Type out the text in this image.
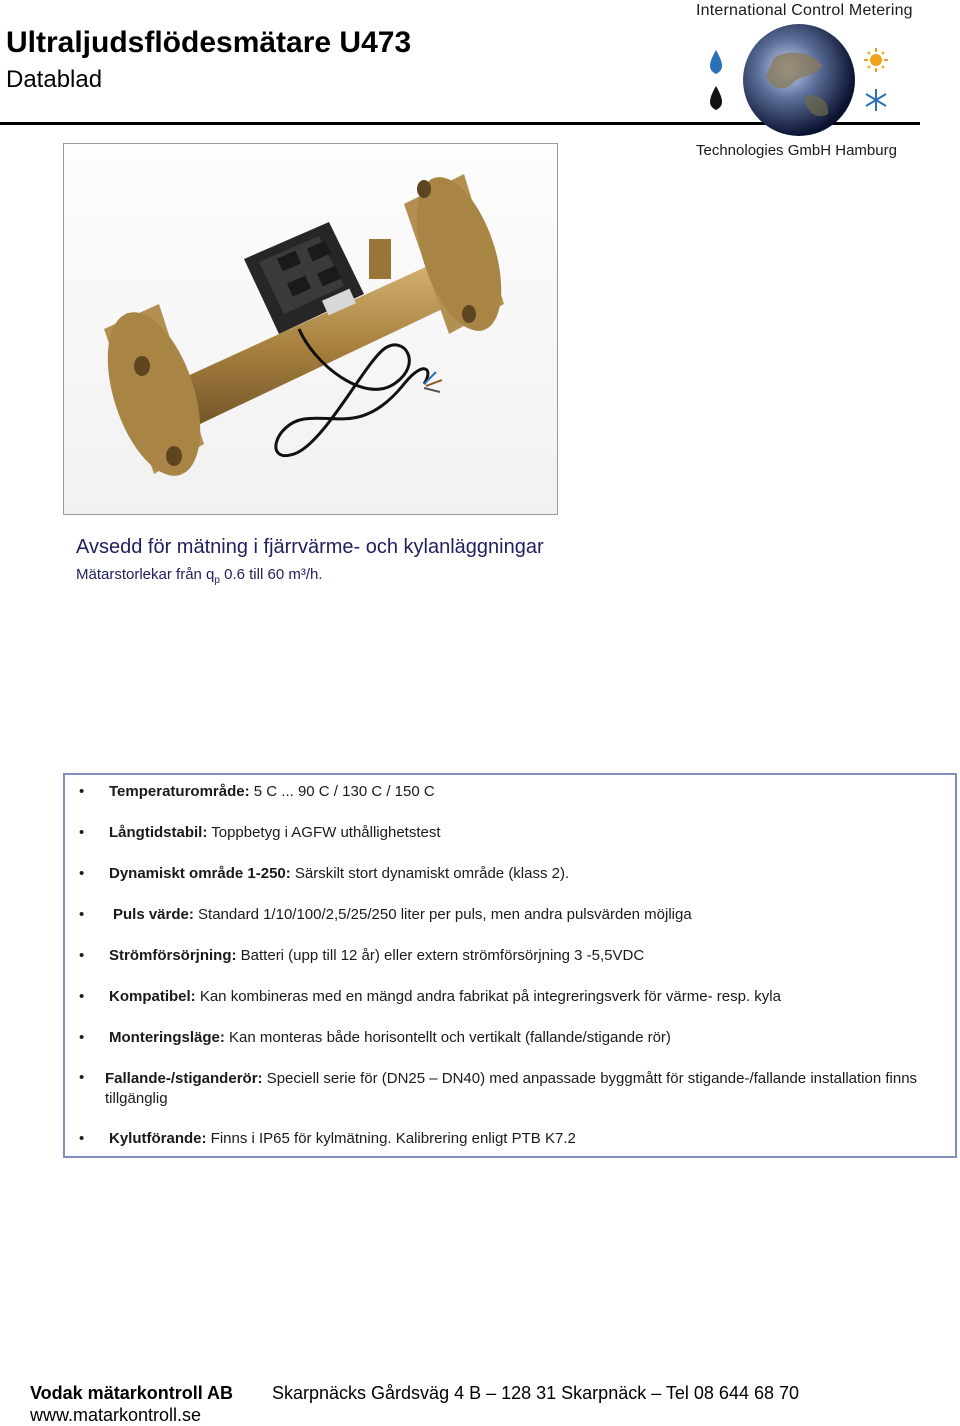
Ultraljudsflödesmätare U473
Datablad
International Control Metering
Technologies GmbH Hamburg
Avsedd för mätning i fjärrvärme- och kylanläggningar
Mätarstorlekar från $q_p$ 0.6 till 60 m³/h.
• Temperaturområde: 5 C ... 90 C / 130 C / 150 C
• Långtidstabil: Toppbetyg i AGFW uthållighetstest
• Dynamiskt område 1-250: Särskilt stort dynamiskt område (klass 2).
• Puls värde: Standard 1/10/100/2,5/25/250 liter per puls, men andra pulsvärden möjliga
• Strömförsörjning: Batteri (upp till 12 år) eller extern strömförsörjning 3 -5,5VDC
• Kompatibel: Kan kombineras med en mängd andra fabrikat på integreringsverk för värme- resp. kyla
• Monteringsläge: Kan monteras både horisontellt och vertikalt (fallande/stigande rör)
• Fallande-/stiganderör: Speciell serie för (DN25 – DN40) med anpassade byggmått för stigande-/fallande installation finns tillgänglig
• Kylutförande: Finns i IP65 för kylmätning. Kalibrering enligt PTB K7.2
Vodak mätarkontroll AB Skarpnäcks Gårdsväg 4 B – 128 31 Skarpnäck – Tel 08 644 68 70
www.matarkontroll.se
